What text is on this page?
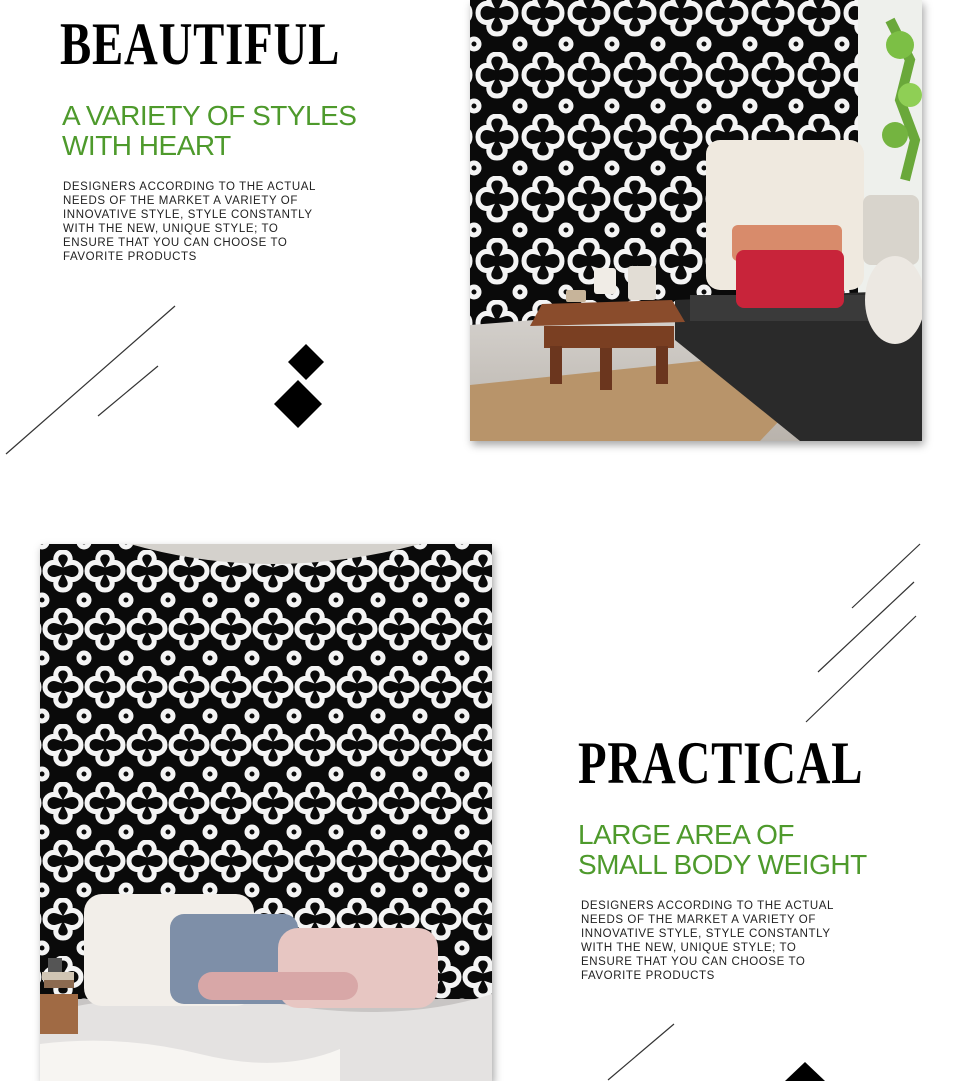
BEAUTIFUL
A VARIETY OF STYLES
WITH HEART
DESIGNERS ACCORDING TO THE ACTUAL
NEEDS OF THE MARKET A VARIETY OF
INNOVATIVE STYLE, STYLE CONSTANTLY
WITH THE NEW, UNIQUE STYLE; TO
ENSURE THAT YOU CAN CHOOSE TO
FAVORITE PRODUCTS
PRACTICAL
LARGE AREA OF
SMALL BODY WEIGHT
DESIGNERS ACCORDING TO THE ACTUAL
NEEDS OF THE MARKET A VARIETY OF
INNOVATIVE STYLE, STYLE CONSTANTLY
WITH THE NEW, UNIQUE STYLE; TO
ENSURE THAT YOU CAN CHOOSE TO
FAVORITE PRODUCTS
